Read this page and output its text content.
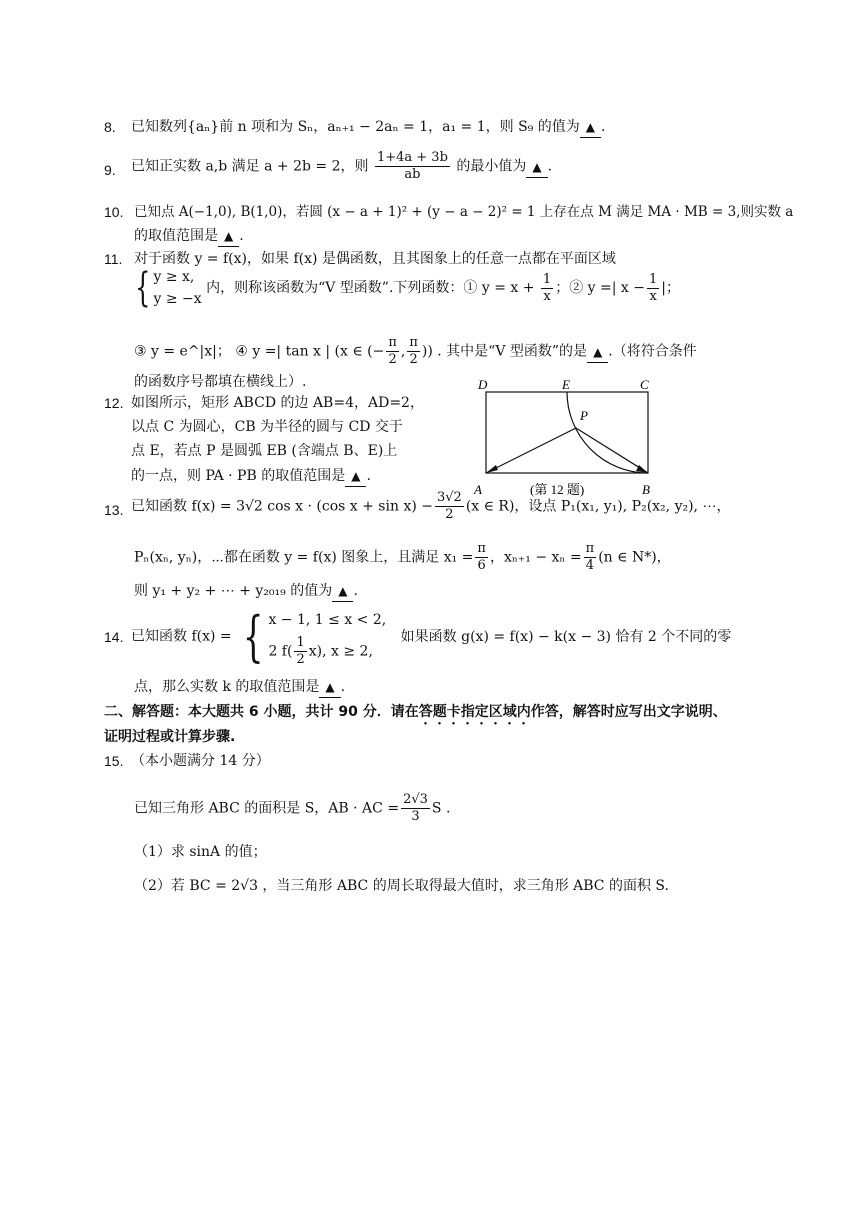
8. 已知数列{aₙ}前 n 项和为 Sₙ，aₙ₊₁ − 2aₙ = 1，a₁ = 1，则 S₉ 的值为 ▲ .
9. 已知正实数 a,b 满足 a + 2b = 2，则 $\frac{1+4a + 3b}{ab}$ 的最小值为 ▲ .
10. 已知点 A(−1,0), B(1,0)，若圆 (x − a + 1)² + (y − a − 2)² = 1 上存在点 M 满足 MA · MB = 3,则实数 a
的取值范围是 ▲ .
11. 对于函数 y = f(x)，如果 f(x) 是偶函数，且其图象上的任意一点都在平面区域
{ y ≥ x,
y ≥ −x
内，则称该函数为“V 型函数”.下列函数：① $y = x + \frac{1}{x}$ ；② y =| $x - \frac{1}{x}$ |；
③ y = e^|x|； ④ y =| tan x | (x ∈ (− $\frac{\pi}{2}$ , $\frac{\pi}{2}$ )) . 其中是“V 型函数”的是 ▲ .（将符合条件
的函数序号都填在横线上）.
12. 如图所示，矩形 ABCD 的边 AB=4，AD=2，
以点 C 为圆心，CB 为半径的圆与 CD 交于
点 E，若点 P 是圆弧 EB (含端点 B、E)上
的一点，则 PA · PB 的取值范围是 ▲ .
D	E	C
P
A	B
(第 12 题)
13. 已知函数 f(x) = 3√2 cos x · (cos $x + \sin x) - \frac{3√2}{2} (x$ ∈ R)，设点 P₁(x₁, y₁), P₂(x₂, y₂), ⋯，
Pₙ(xₙ, yₙ)，⋯都在函数 y = f(x) 图象上，且满足 $x_1 = \frac{\pi}{6}$ ，$x_{n+1} - x_n = \frac{\pi}{4} (n$ ∈ N*)，
则 y₁ + y₂ + ⋯ + y₂₀₁₉ 的值为 ▲ .
14. 已知函数 f(x) = { x − 1, 1 ≤ x < 2,
2 $f( \frac{1}{2} x)$, x ≥ 2,
如果函数 g(x) = f(x) − k(x − 3) 恰有 2 个不同的零
点，那么实数 k 的取值范围是 ▲ .
二、解答题：本大题共 6 小题，共计 90 分．请在答题卡指定区域内作答，解答时应写出文字说明、
证明过程或计算步骤.
15. （本小题满分 14 分）
已知三角形 ABC 的面积是 S，AB · AC = $\frac{2√3}{3}$ S .
（1）求 sinA 的值；
（2）若 BC = 2√3 ，当三角形 ABC 的周长取得最大值时，求三角形 ABC 的面积 S.
